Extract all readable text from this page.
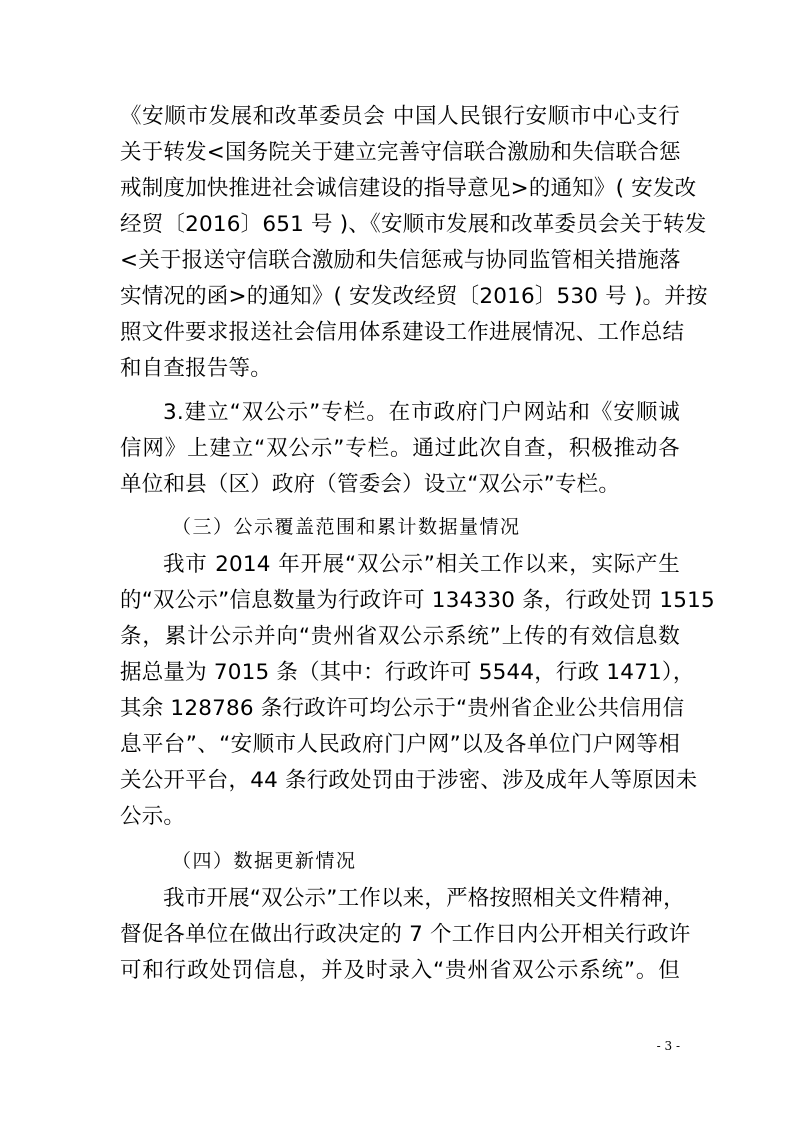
《安顺市发展和改革委员会 中国人民银行安顺市中心支行
关于转发<国务院关于建立完善守信联合激励和失信联合惩
戒制度加快推进社会诚信建设的指导意见>的通知》( 安发改
经贸〔2016〕651 号 )、《安顺市发展和改革委员会关于转发
<关于报送守信联合激励和失信惩戒与协同监管相关措施落
实情况的函>的通知》( 安发改经贸〔2016〕530 号 )。并按
照文件要求报送社会信用体系建设工作进展情况、工作总结
和自查报告等。
3.建立“双公示”专栏。在市政府门户网站和《安顺诚
信网》上建立“双公示”专栏。通过此次自查，积极推动各
单位和县（区）政府（管委会）设立“双公示”专栏。
（三）公示覆盖范围和累计数据量情况
我市 2014 年开展“双公示”相关工作以来，实际产生
的“双公示”信息数量为行政许可 134330 条，行政处罚 1515
条，累计公示并向“贵州省双公示系统”上传的有效信息数
据总量为 7015 条（其中：行政许可 5544，行政 1471），
其余 128786 条行政许可均公示于“贵州省企业公共信用信
息平台”、“安顺市人民政府门户网”以及各单位门户网等相
关公开平台，44 条行政处罚由于涉密、涉及成年人等原因未
公示。
（四）数据更新情况
我市开展“双公示”工作以来，严格按照相关文件精神，
督促各单位在做出行政决定的 7 个工作日内公开相关行政许
可和行政处罚信息，并及时录入“贵州省双公示系统”。但
- 3 -
